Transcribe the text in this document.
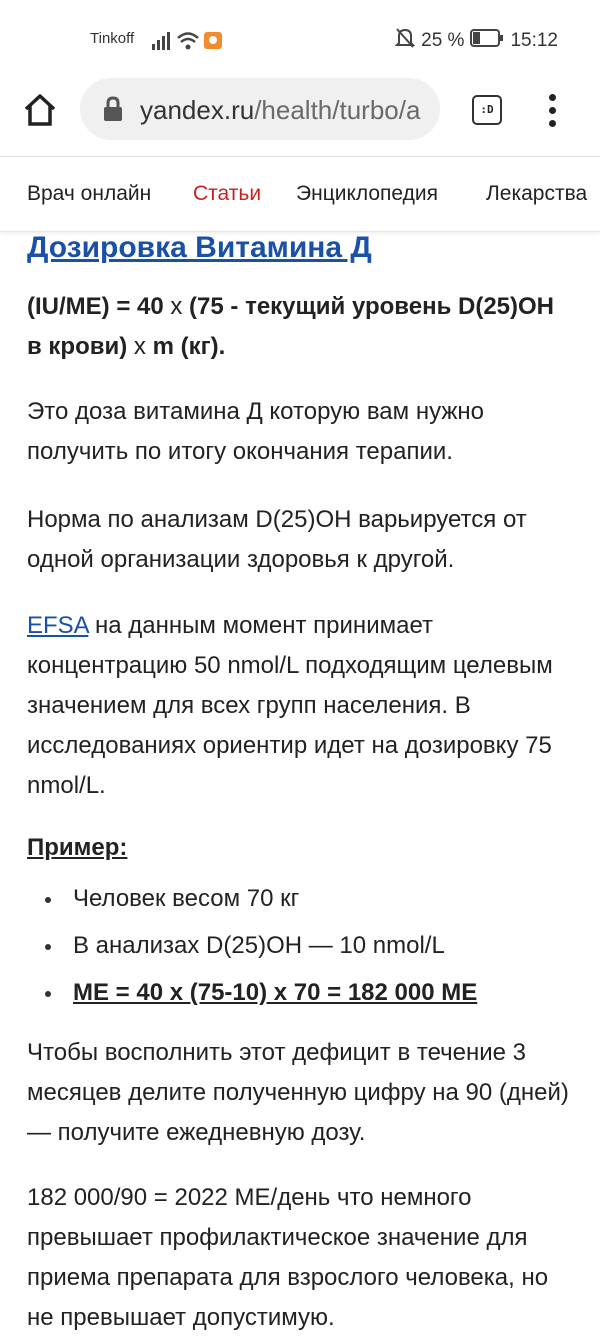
Tinkoff	25 % 15:12
yandex.ru/health/turbo/a	:D
Врач онлайн Статьи Энциклопедия Лекарства
Дозировка Витамина Д
(IU/ME) = 40 x (75 - текущий уровень D(25)OH в крови) x m (кг).

Это доза витамина Д которую вам нужно получить по итогу окончания терапии.

Норма по анализам D(25)OH варьируется от одной организации здоровья к другой.

EFSA на данным момент принимает концентрацию 50 nmol/L подходящим целевым значением для всех групп населения. В исследованиях ориентир идет на дозировку 75 nmol/L.

Пример:
Человек весом 70 кг
В анализах D(25)OH — 10 nmol/L
ME = 40 x (75-10) x 70 = 182 000 МЕ

Чтобы восполнить этот дефицит в течение 3 месяцев делите полученную цифру на 90 (дней) — получите ежедневную дозу.

182 000/90 = 2022 МЕ/день что немного превышает профилактическое значение для приема препарата для взрослого человека, но не превышает допустимую.
